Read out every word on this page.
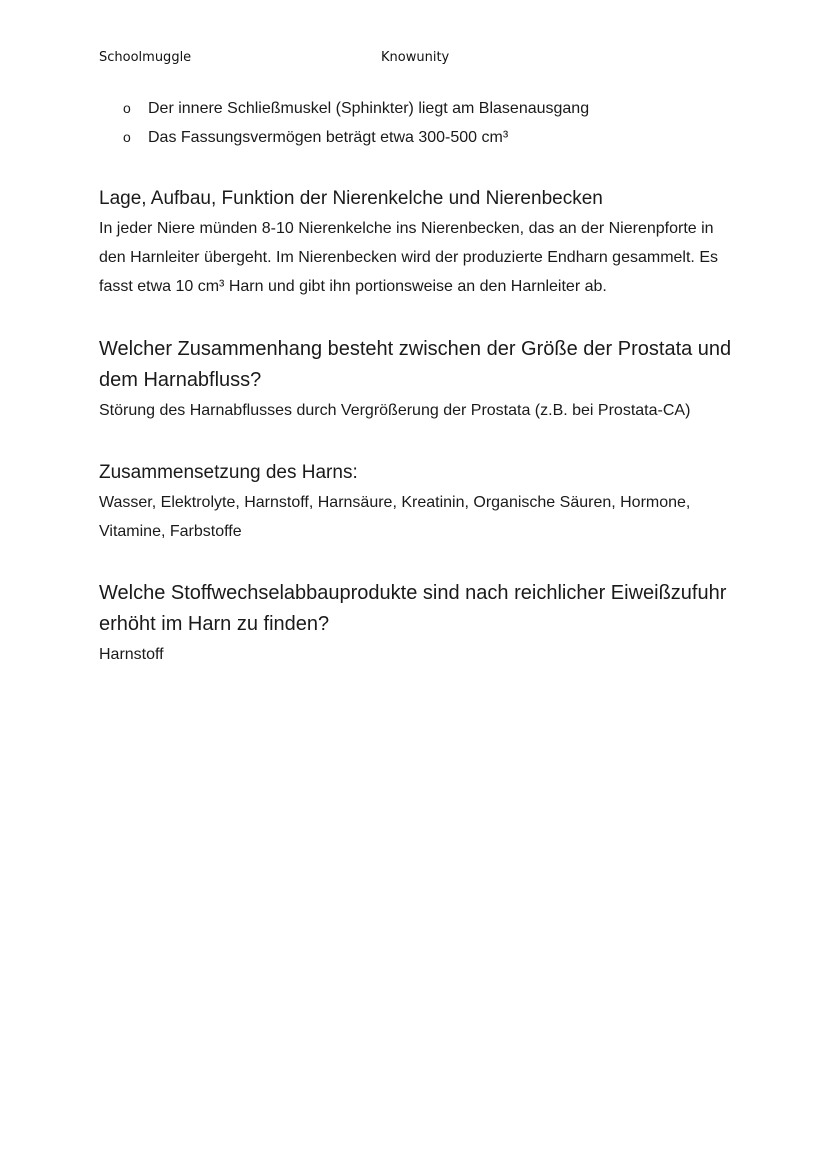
Schoolmuggle	Knowunity
o Der innere Schließmuskel (Sphinkter) liegt am Blasenausgang
o Das Fassungsvermögen beträgt etwa 300-500 cm³
Lage, Aufbau, Funktion der Nierenkelche und Nierenbecken

In jeder Niere münden 8-10 Nierenkelche ins Nierenbecken, das an der Nierenpforte in den Harnleiter übergeht. Im Nierenbecken wird der produzierte Endharn gesammelt. Es fasst etwa 10 cm³ Harn und gibt ihn portionsweise an den Harnleiter ab.

Welcher Zusammenhang besteht zwischen der Größe der Prostata und dem Harnabfluss?

Störung des Harnabflusses durch Vergrößerung der Prostata (z.B. bei Prostata-CA)

Zusammensetzung des Harns:

Wasser, Elektrolyte, Harnstoff, Harnsäure, Kreatinin, Organische Säuren, Hormone, Vitamine, Farbstoffe

Welche Stoffwechselabbauprodukte sind nach reichlicher Eiweißzufuhr erhöht im Harn zu finden?

Harnstoff
